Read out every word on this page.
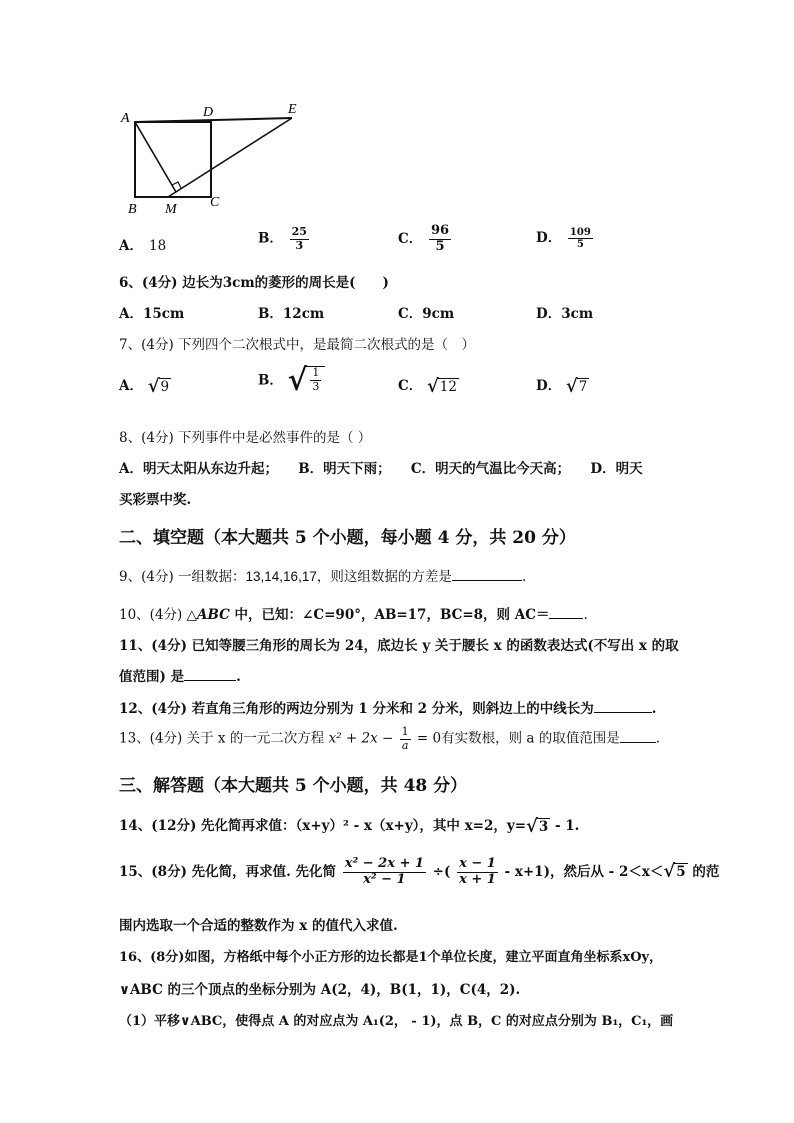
A	D	E
B M C
A． 18	B． $\frac{25}{3}$	C． $\frac{96}{5}$	D． $\frac{109}{5}$
6、(4分) 边长为3cm的菱形的周长是(　　)
A．15cm	B．12cm	C．9cm	D．3cm
7、(4分) 下列四个二次根式中，是最简二次根式的是（　）
A． √ 9	B． √ $\frac{1}{3}$	C． √ 12	D． √ 7
8、(4分) 下列事件中是必然事件的是（ ）
A．明天太阳从东边升起；　　B．明天下雨；　　C．明天的气温比今天高；　　D．明天
买彩票中奖.
二、填空题（本大题共 5 个小题，每小题 4 分，共 20 分）
9、(4分) 一组数据：13,14,16,17，则这组数据的方差是	.
10、(4分) △ABC 中，已知：∠C=90°，AB=17，BC=8，则 AC＝	.
11、(4分) 已知等腰三角形的周长为 24，底边长 y 关于腰长 x 的函数表达式(不写出 x 的取
值范围) 是	.
12、(4分) 若直角三角形的两边分别为 1 分米和 2 分米，则斜边上的中线长为	.
13、(4分) 关于 x 的一元二次方程 $x^2 + 2x - \frac{1}{a} = 0$有实数根，则 a 的取值范围是	.
三、解答题（本大题共 5 个小题，共 48 分）
14、(12分) 先化简再求值：（x+y）² - x（x+y），其中 x=2，y= √ 3 - 1.
15、(8分) 先化简，再求值. 先化简 $\frac{\text{x² − 2x + 1}}{\text{x² − 1}}$ ÷( $\frac{x - 1}{x + 1} - x+1$)，然后从 - 2＜x＜ √ 5 的范
围内选取一个合适的整数作为 x 的值代入求值.
16、(8分)如图，方格纸中每个小正方形的边长都是1个单位长度，建立平面直角坐标系xOy，
∨ABC 的三个顶点的坐标分别为 A(2，4)，B(1，1)，C(4，2).
（1）平移∨ABC，使得点 A 的对应点为 A₁(2， - 1)，点 B，C 的对应点分别为 B₁，C₁，画
